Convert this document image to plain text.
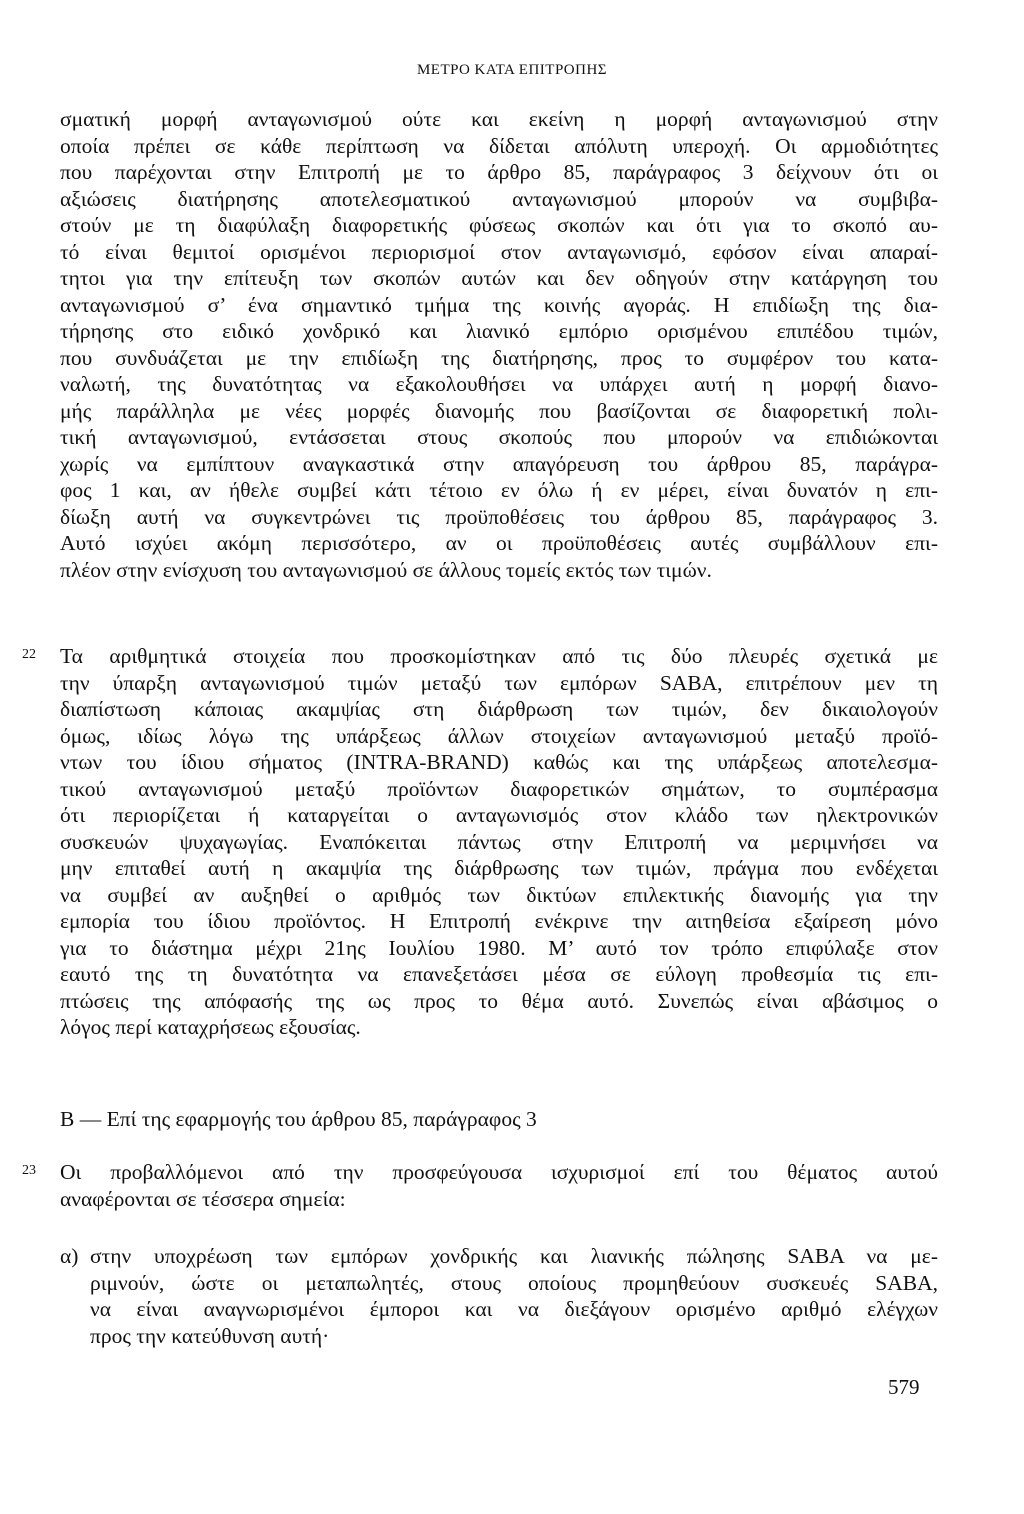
ΜΕΤΡΟ ΚΑΤΑ ΕΠΙΤΡΟΠΗΣ
σματική μορφή ανταγωνισμού ούτε και εκείνη η μορφή ανταγωνισμού στην
οποία πρέπει σε κάθε περίπτωση να δίδεται απόλυτη υπεροχή. Οι αρμοδιότητες
που παρέχονται στην Επιτροπή με το άρθρο 85, παράγραφος 3 δείχνουν ότι οι
αξιώσεις διατήρησης αποτελεσματικού ανταγωνισμού μπορούν να συμβιβα-
στούν με τη διαφύλαξη διαφορετικής φύσεως σκοπών και ότι για το σκοπό αυ-
τό είναι θεμιτοί ορισμένοι περιορισμοί στον ανταγωνισμό, εφόσον είναι απαραί-
τητοι για την επίτευξη των σκοπών αυτών και δεν οδηγούν στην κατάργηση του
ανταγωνισμού σ’ ένα σημαντικό τμήμα της κοινής αγοράς. Η επιδίωξη της δια-
τήρησης στο ειδικό χονδρικό και λιανικό εμπόριο ορισμένου επιπέδου τιμών,
που συνδυάζεται με την επιδίωξη της διατήρησης, προς το συμφέρον του κατα-
ναλωτή, της δυνατότητας να εξακολουθήσει να υπάρχει αυτή η μορφή διανο-
μής παράλληλα με νέες μορφές διανομής που βασίζονται σε διαφορετική πολι-
τική ανταγωνισμού, εντάσσεται στους σκοπούς που μπορούν να επιδιώκονται
χωρίς να εμπίπτουν αναγκαστικά στην απαγόρευση του άρθρου 85, παράγρα-
φος 1 και, αν ήθελε συμβεί κάτι τέτοιο εν όλω ή εν μέρει, είναι δυνατόν η επι-
δίωξη αυτή να συγκεντρώνει τις προϋποθέσεις του άρθρου 85, παράγραφος 3.
Αυτό ισχύει ακόμη περισσότερο, αν οι προϋποθέσεις αυτές συμβάλλουν επι-
πλέον στην ενίσχυση του ανταγωνισμού σε άλλους τομείς εκτός των τιμών.
22 Τα αριθμητικά στοιχεία που προσκομίστηκαν από τις δύο πλευρές σχετικά με
την ύπαρξη ανταγωνισμού τιμών μεταξύ των εμπόρων SABA, επιτρέπουν μεν τη
διαπίστωση κάποιας ακαμψίας στη διάρθρωση των τιμών, δεν δικαιολογούν
όμως, ιδίως λόγω της υπάρξεως άλλων στοιχείων ανταγωνισμού μεταξύ προϊό-
ντων του ίδιου σήματος (INTRA-BRAND) καθώς και της υπάρξεως αποτελεσμα-
τικού ανταγωνισμού μεταξύ προϊόντων διαφορετικών σημάτων, το συμπέρασμα
ότι περιορίζεται ή καταργείται ο ανταγωνισμός στον κλάδο των ηλεκτρονικών
συσκευών ψυχαγωγίας. Εναπόκειται πάντως στην Επιτροπή να μεριμνήσει να
μην επιταθεί αυτή η ακαμψία της διάρθρωσης των τιμών, πράγμα που ενδέχεται
να συμβεί αν αυξηθεί ο αριθμός των δικτύων επιλεκτικής διανομής για την
εμπορία του ίδιου προϊόντος. Η Επιτροπή ενέκρινε την αιτηθείσα εξαίρεση μόνο
για το διάστημα μέχρι 21ης Ιουλίου 1980. Μ’ αυτό τον τρόπο επιφύλαξε στον
εαυτό της τη δυνατότητα να επανεξετάσει μέσα σε εύλογη προθεσμία τις επι-
πτώσεις της απόφασής της ως προς το θέμα αυτό. Συνεπώς είναι αβάσιμος ο
λόγος περί καταχρήσεως εξουσίας.
Β — Επί της εφαρμογής του άρθρου 85, παράγραφος 3
23 Οι προβαλλόμενοι από την προσφεύγουσα ισχυρισμοί επί του θέματος αυτού
αναφέρονται σε τέσσερα σημεία:
α) στην υποχρέωση των εμπόρων χονδρικής και λιανικής πώλησης SABA να με-
ριμνούν, ώστε οι μεταπωλητές, στους οποίους προμηθεύουν συσκευές SABA,
να είναι αναγνωρισμένοι έμποροι και να διεξάγουν ορισμένο αριθμό ελέγχων
προς την κατεύθυνση αυτή·
579
